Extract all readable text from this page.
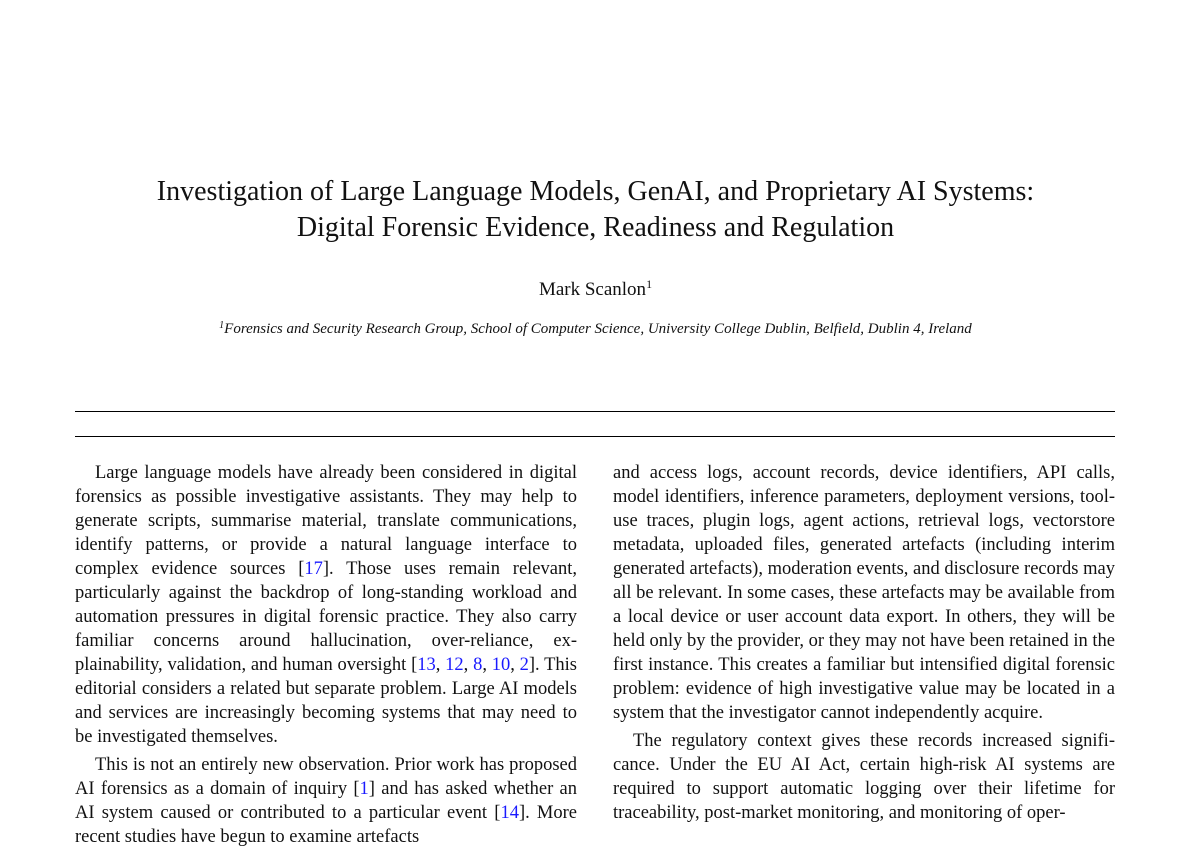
Investigation of Large Language Models, GenAI, and Proprietary AI Systems:
Digital Forensic Evidence, Readiness and Regulation
Mark Scanlon$^1$
$^1$Forensics and Security Research Group, School of Computer Science, University College Dublin, Belfield, Dublin 4, Ireland

Large language models have already been considered in digital forensics as possible investigative assistants. They may help to generate scripts, summarise material, translate communications, identify patterns, or provide a natural language interface to complex evidence sources [17]. Those uses remain relevant, particularly against the backdrop of long-standing workload and automation pressures in digital forensic practice. They also carry familiar concerns around hallucination, over-reliance, explainability, validation, and human oversight [13, 12, 8, 10, 2]. This editorial considers a related but separate problem. Large AI models and services are increasingly becoming systems that may need to be investigated themselves.

This is not an entirely new observation. Prior work has proposed AI forensics as a domain of inquiry [1] and has asked whether an AI system caused or contributed to a particular event [14]. More recent studies have begun to examine artefacts

and access logs, account records, device identifiers, API calls, model identifiers, inference parameters, deployment versions, tool-use traces, plugin logs, agent actions, retrieval logs, vectorstore metadata, uploaded files, generated artefacts (including interim generated artefacts), moderation events, and disclosure records may all be relevant. In some cases, these artefacts may be available from a local device or user account data export. In others, they will be held only by the provider, or they may not have been retained in the first instance. This creates a familiar but intensified digital forensic problem: evidence of high investigative value may be located in a system that the investigator cannot independently acquire.

The regulatory context gives these records increased significance. Under the EU AI Act, certain high-risk AI systems are required to support automatic logging over their lifetime for traceability, post-market monitoring, and monitoring of oper-
